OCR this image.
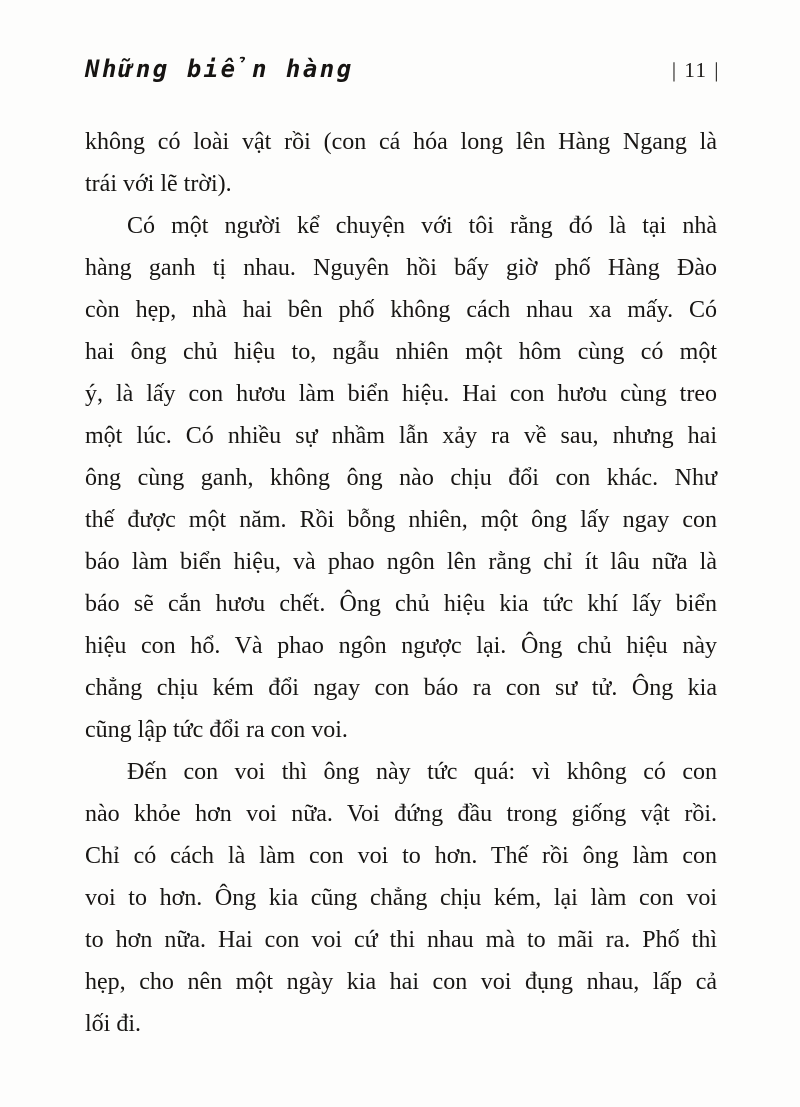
Những biển hàng	| 11 |
không có loài vật rồi (con cá hóa long lên Hàng Ngang là
trái với lẽ trời).
Có một người kể chuyện với tôi rằng đó là tại nhà
hàng ganh tị nhau. Nguyên hồi bấy giờ phố Hàng Đào
còn hẹp, nhà hai bên phố không cách nhau xa mấy. Có
hai ông chủ hiệu to, ngẫu nhiên một hôm cùng có một
ý, là lấy con hươu làm biển hiệu. Hai con hươu cùng treo
một lúc. Có nhiều sự nhầm lẫn xảy ra về sau, nhưng hai
ông cùng ganh, không ông nào chịu đổi con khác. Như
thế được một năm. Rồi bỗng nhiên, một ông lấy ngay con
báo làm biển hiệu, và phao ngôn lên rằng chỉ ít lâu nữa là
báo sẽ cắn hươu chết. Ông chủ hiệu kia tức khí lấy biển
hiệu con hổ. Và phao ngôn ngược lại. Ông chủ hiệu này
chẳng chịu kém đổi ngay con báo ra con sư tử. Ông kia
cũng lập tức đổi ra con voi.
Đến con voi thì ông này tức quá: vì không có con
nào khỏe hơn voi nữa. Voi đứng đầu trong giống vật rồi.
Chỉ có cách là làm con voi to hơn. Thế rồi ông làm con
voi to hơn. Ông kia cũng chẳng chịu kém, lại làm con voi
to hơn nữa. Hai con voi cứ thi nhau mà to mãi ra. Phố thì
hẹp, cho nên một ngày kia hai con voi đụng nhau, lấp cả
lối đi.
